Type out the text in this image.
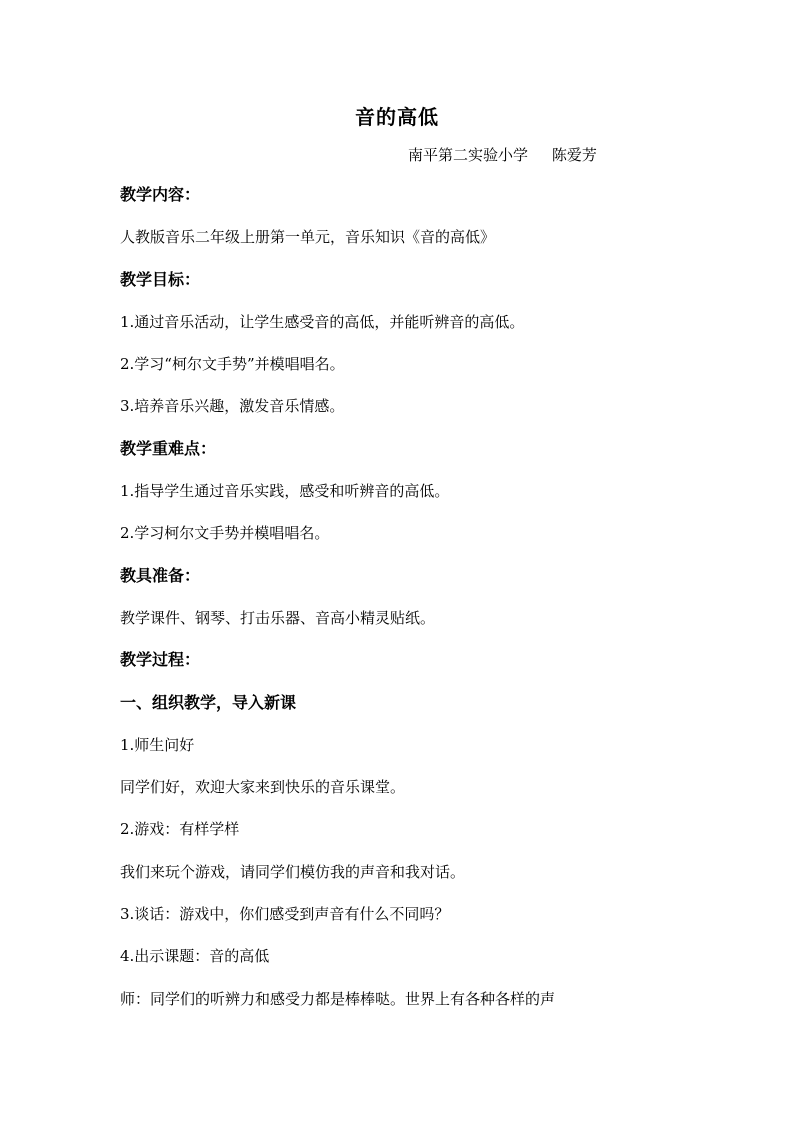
音的高低
南平第二实验小学     陈爱芳
教学内容：
人教版音乐二年级上册第一单元，音乐知识《音的高低》
教学目标：
1.通过音乐活动，让学生感受音的高低，并能听辨音的高低。
2.学习“柯尔文手势”并模唱唱名。
3.培养音乐兴趣，激发音乐情感。
教学重难点：
1.指导学生通过音乐实践，感受和听辨音的高低。
2.学习柯尔文手势并模唱唱名。
教具准备：
教学课件、钢琴、打击乐器、音高小精灵贴纸。
教学过程：
一、组织教学，导入新课
1.师生问好
同学们好，欢迎大家来到快乐的音乐课堂。
2.游戏：有样学样
我们来玩个游戏，请同学们模仿我的声音和我对话。
3.谈话：游戏中，你们感受到声音有什么不同吗？
4.出示课题：音的高低
师：同学们的听辨力和感受力都是棒棒哒。世界上有各种各样的声
